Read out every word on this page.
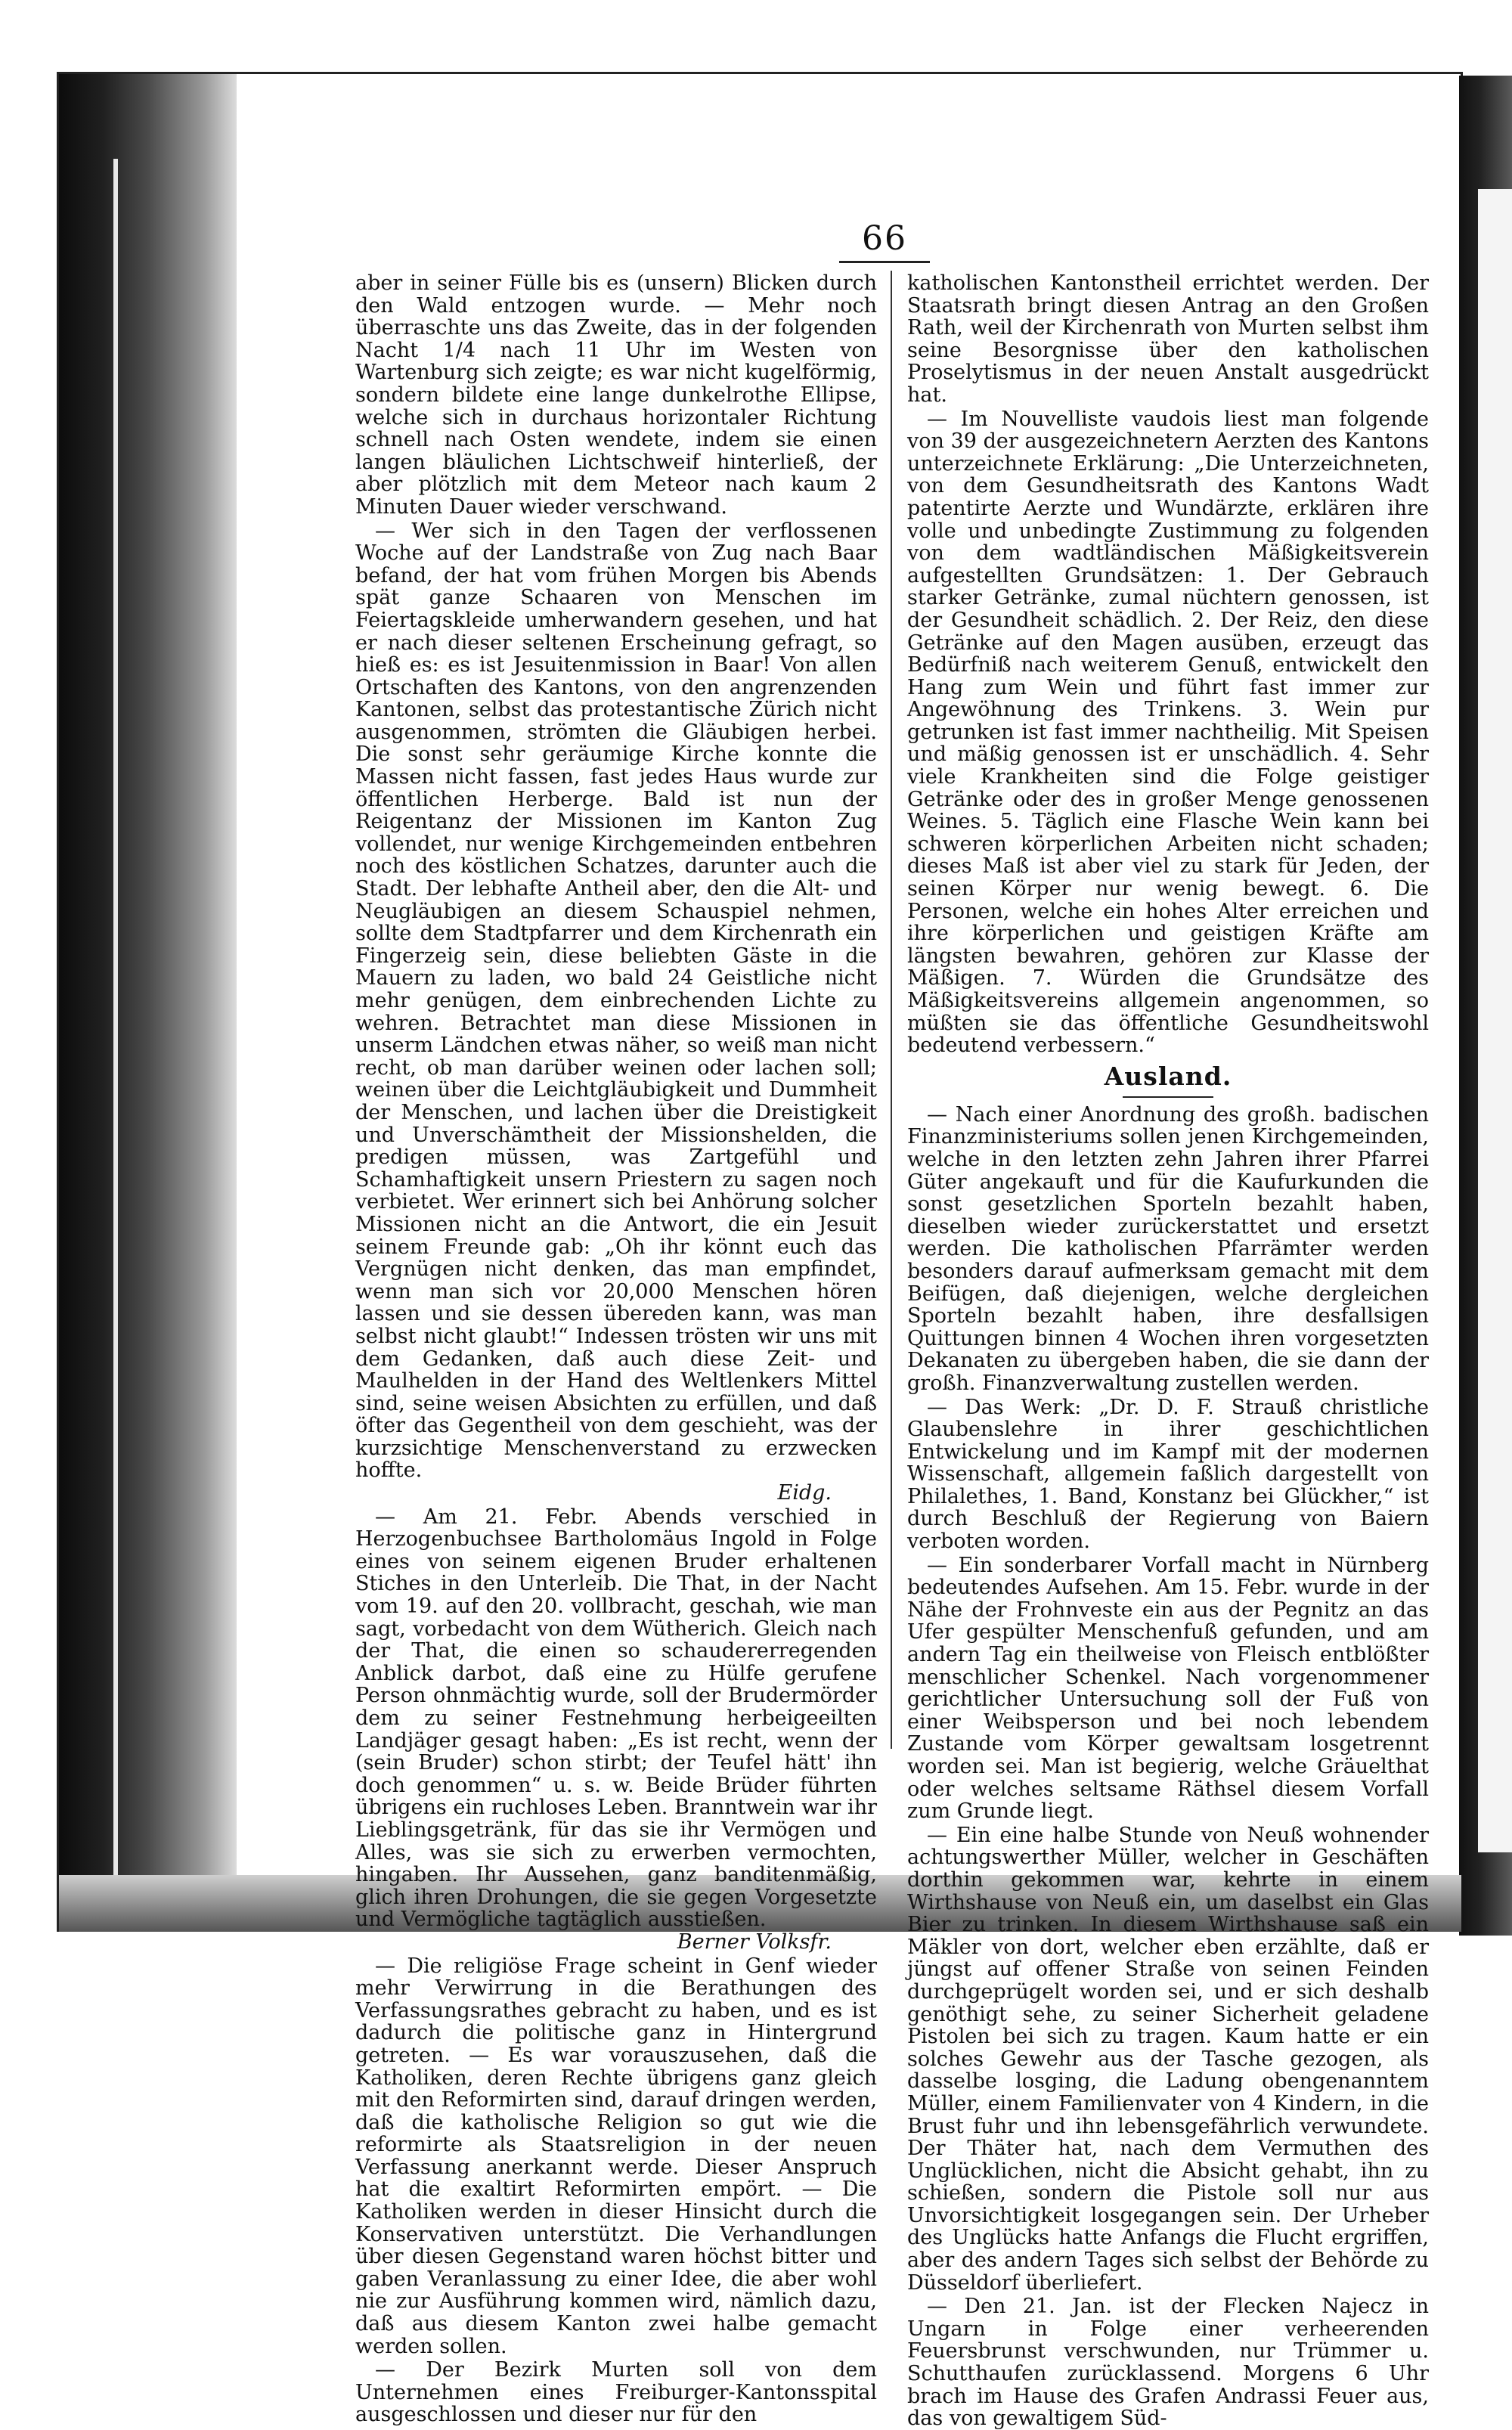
66

aber in seiner Fülle bis es (unsern) Blicken durch den Wald entzogen wurde. — Mehr noch überraschte uns das Zweite, das in der folgenden Nacht 1/4 nach 11 Uhr im Westen von Wartenburg sich zeigte; es war nicht kugelförmig, sondern bildete eine lange dunkelrothe Ellipse, welche sich in durchaus horizontaler Richtung schnell nach Osten wendete, indem sie einen langen bläulichen Lichtschweif hinterließ, der aber plötzlich mit dem Meteor nach kaum 2 Minuten Dauer wieder verschwand.

— Wer sich in den Tagen der verflossenen Woche auf der Landstraße von Zug nach Baar befand, der hat vom frühen Morgen bis Abends spät ganze Schaaren von Menschen im Feiertagskleide umherwandern gesehen, und hat er nach dieser seltenen Erscheinung gefragt, so hieß es: es ist Jesuitenmission in Baar! Von allen Ortschaften des Kantons, von den angrenzenden Kantonen, selbst das protestantische Zürich nicht ausgenommen, strömten die Gläubigen herbei. Die sonst sehr geräumige Kirche konnte die Massen nicht fassen, fast jedes Haus wurde zur öffentlichen Herberge. Bald ist nun der Reigentanz der Missionen im Kanton Zug vollendet, nur wenige Kirchgemeinden entbehren noch des köstlichen Schatzes, darunter auch die Stadt. Der lebhafte Antheil aber, den die Alt- und Neugläubigen an diesem Schauspiel nehmen, sollte dem Stadtpfarrer und dem Kirchenrath ein Fingerzeig sein, diese beliebten Gäste in die Mauern zu laden, wo bald 24 Geistliche nicht mehr genügen, dem einbrechenden Lichte zu wehren. Betrachtet man diese Missionen in unserm Ländchen etwas näher, so weiß man nicht recht, ob man darüber weinen oder lachen soll; weinen über die Leichtgläubigkeit und Dummheit der Menschen, und lachen über die Dreistigkeit und Unverschämtheit der Missionshelden, die predigen müssen, was Zartgefühl und Schamhaftigkeit unsern Priestern zu sagen noch verbietet. Wer erinnert sich bei Anhörung solcher Missionen nicht an die Antwort, die ein Jesuit seinem Freunde gab: „Oh ihr könnt euch das Vergnügen nicht denken, das man empfindet, wenn man sich vor 20,000 Menschen hören lassen und sie dessen übereden kann, was man selbst nicht glaubt!“ Indessen trösten wir uns mit dem Gedanken, daß auch diese Zeit- und Maulhelden in der Hand des Weltlenkers Mittel sind, seine weisen Absichten zu erfüllen, und daß öfter das Gegentheil von dem geschieht, was der kurzsichtige Menschenverstand zu erzwecken hoffte.
Eidg.

— Am 21. Febr. Abends verschied in Herzogenbuchsee Bartholomäus Ingold in Folge eines von seinem eigenen Bruder erhaltenen Stiches in den Unterleib. Die That, in der Nacht vom 19. auf den 20. vollbracht, geschah, wie man sagt, vorbedacht von dem Wütherich. Gleich nach der That, die einen so schaudererregenden Anblick darbot, daß eine zu Hülfe gerufene Person ohnmächtig wurde, soll der Brudermörder dem zu seiner Festnehmung herbeigeeilten Landjäger gesagt haben: „Es ist recht, wenn der (sein Bruder) schon stirbt; der Teufel hätt' ihn doch genommen“ u. s. w. Beide Brüder führten übrigens ein ruchloses Leben. Branntwein war ihr Lieblingsgetränk, für das sie ihr Vermögen und Alles, was sie sich zu erwerben vermochten, hingaben. Ihr Aussehen, ganz banditenmäßig, glich ihren Drohungen, die sie gegen Vorgesetzte und Vermögliche tagtäglich ausstießen.
Berner Volksfr.

— Die religiöse Frage scheint in Genf wieder mehr Verwirrung in die Berathungen des Verfassungsrathes gebracht zu haben, und es ist dadurch die politische ganz in Hintergrund getreten. — Es war vorauszusehen, daß die Katholiken, deren Rechte übrigens ganz gleich mit den Reformirten sind, darauf dringen werden, daß die katholische Religion so gut wie die reformirte als Staatsreligion in der neuen Verfassung anerkannt werde. Dieser Anspruch hat die exaltirt Reformirten empört. — Die Katholiken werden in dieser Hinsicht durch die Konservativen unterstützt. Die Verhandlungen über diesen Gegenstand waren höchst bitter und gaben Veranlassung zu einer Idee, die aber wohl nie zur Ausführung kommen wird, nämlich dazu, daß aus diesem Kanton zwei halbe gemacht werden sollen.

— Der Bezirk Murten soll von dem Unternehmen eines Freiburger-Kantonsspital ausgeschlossen und dieser nur für den

katholischen Kantonstheil errichtet werden. Der Staatsrath bringt diesen Antrag an den Großen Rath, weil der Kirchenrath von Murten selbst ihm seine Besorgnisse über den katholischen Proselytismus in der neuen Anstalt ausgedrückt hat.

— Im Nouvelliste vaudois liest man folgende von 39 der ausgezeichnetern Aerzten des Kantons unterzeichnete Erklärung: „Die Unterzeichneten, von dem Gesundheitsrath des Kantons Wadt patentirte Aerzte und Wundärzte, erklären ihre volle und unbedingte Zustimmung zu folgenden von dem wadtländischen Mäßigkeitsverein aufgestellten Grundsätzen: 1. Der Gebrauch starker Getränke, zumal nüchtern genossen, ist der Gesundheit schädlich. 2. Der Reiz, den diese Getränke auf den Magen ausüben, erzeugt das Bedürfniß nach weiterem Genuß, entwickelt den Hang zum Wein und führt fast immer zur Angewöhnung des Trinkens. 3. Wein pur getrunken ist fast immer nachtheilig. Mit Speisen und mäßig genossen ist er unschädlich. 4. Sehr viele Krankheiten sind die Folge geistiger Getränke oder des in großer Menge genossenen Weines. 5. Täglich eine Flasche Wein kann bei schweren körperlichen Arbeiten nicht schaden; dieses Maß ist aber viel zu stark für Jeden, der seinen Körper nur wenig bewegt. 6. Die Personen, welche ein hohes Alter erreichen und ihre körperlichen und geistigen Kräfte am längsten bewahren, gehören zur Klasse der Mäßigen. 7. Würden die Grundsätze des Mäßigkeitsvereins allgemein angenommen, so müßten sie das öffentliche Gesundheitswohl bedeutend verbessern.“

Ausland.

— Nach einer Anordnung des großh. badischen Finanzministeriums sollen jenen Kirchgemeinden, welche in den letzten zehn Jahren ihrer Pfarrei Güter angekauft und für die Kaufurkunden die sonst gesetzlichen Sporteln bezahlt haben, dieselben wieder zurückerstattet und ersetzt werden. Die katholischen Pfarrämter werden besonders darauf aufmerksam gemacht mit dem Beifügen, daß diejenigen, welche dergleichen Sporteln bezahlt haben, ihre desfallsigen Quittungen binnen 4 Wochen ihren vorgesetzten Dekanaten zu übergeben haben, die sie dann der großh. Finanzverwaltung zustellen werden.

— Das Werk: „Dr. D. F. Strauß christliche Glaubenslehre in ihrer geschichtlichen Entwickelung und im Kampf mit der modernen Wissenschaft, allgemein faßlich dargestellt von Philalethes, 1. Band, Konstanz bei Glückher,“ ist durch Beschluß der Regierung von Baiern verboten worden.

— Ein sonderbarer Vorfall macht in Nürnberg bedeutendes Aufsehen. Am 15. Febr. wurde in der Nähe der Frohnveste ein aus der Pegnitz an das Ufer gespülter Menschenfuß gefunden, und am andern Tag ein theilweise von Fleisch entblößter menschlicher Schenkel. Nach vorgenommener gerichtlicher Untersuchung soll der Fuß von einer Weibsperson und bei noch lebendem Zustande vom Körper gewaltsam losgetrennt worden sei. Man ist begierig, welche Gräuelthat oder welches seltsame Räthsel diesem Vorfall zum Grunde liegt.

— Ein eine halbe Stunde von Neuß wohnender achtungswerther Müller, welcher in Geschäften dorthin gekommen war, kehrte in einem Wirthshause von Neuß ein, um daselbst ein Glas Bier zu trinken. In diesem Wirthshause saß ein Mäkler von dort, welcher eben erzählte, daß er jüngst auf offener Straße von seinen Feinden durchgeprügelt worden sei, und er sich deshalb genöthigt sehe, zu seiner Sicherheit geladene Pistolen bei sich zu tragen. Kaum hatte er ein solches Gewehr aus der Tasche gezogen, als dasselbe losging, die Ladung obengenanntem Müller, einem Familienvater von 4 Kindern, in die Brust fuhr und ihn lebensgefährlich verwundete. Der Thäter hat, nach dem Vermuthen des Unglücklichen, nicht die Absicht gehabt, ihn zu schießen, sondern die Pistole soll nur aus Unvorsichtigkeit losgegangen sein. Der Urheber des Unglücks hatte Anfangs die Flucht ergriffen, aber des andern Tages sich selbst der Behörde zu Düsseldorf überliefert.

— Den 21. Jan. ist der Flecken Najecz in Ungarn in Folge einer verheerenden Feuersbrunst verschwunden, nur Trümmer u. Schutthaufen zurücklassend. Morgens 6 Uhr brach im Hause des Grafen Andrassi Feuer aus, das von gewaltigem Süd-
